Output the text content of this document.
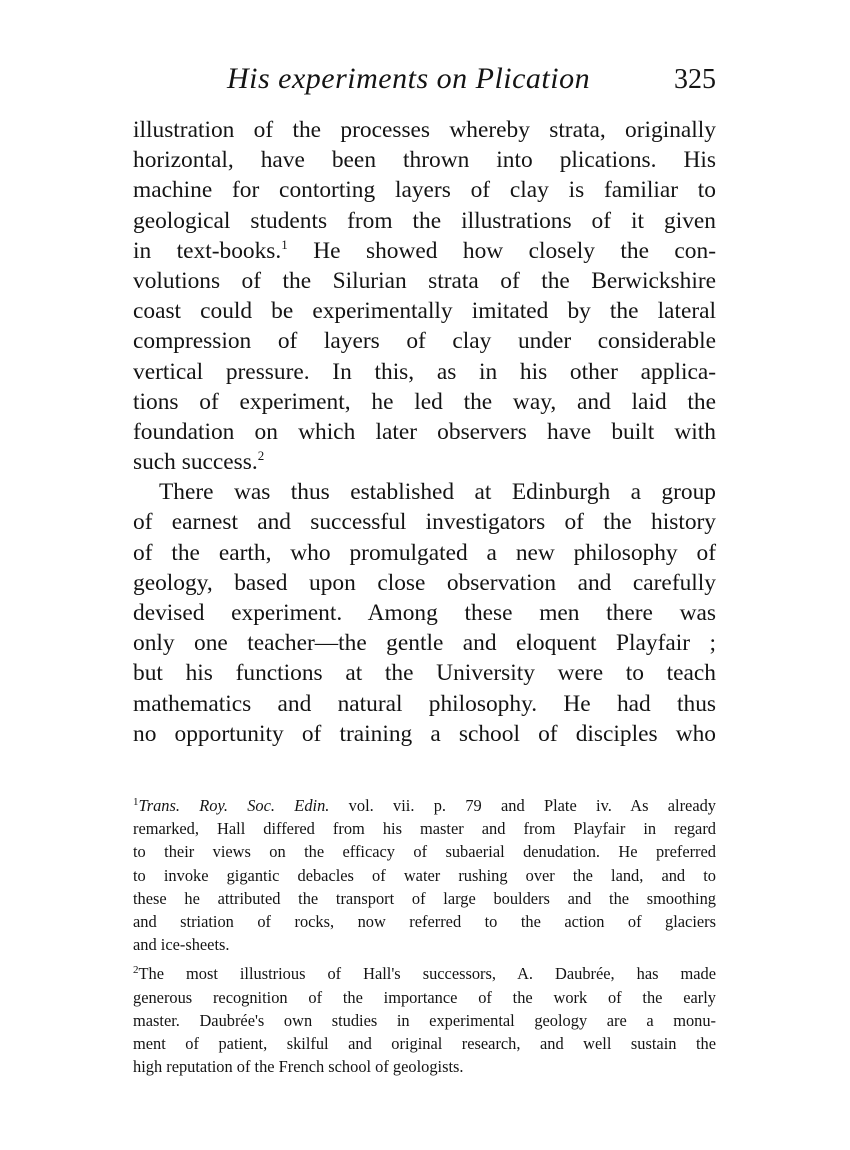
His experiments on Plication	325
illustration of the processes whereby strata, originally
horizontal, have been thrown into plications. His
machine for contorting layers of clay is familiar to
geological students from the illustrations of it given
in text-books.$^1$ He showed how closely the con-
volutions of the Silurian strata of the Berwickshire
coast could be experimentally imitated by the lateral
compression of layers of clay under considerable
vertical pressure. In this, as in his other applica-
tions of experiment, he led the way, and laid the
foundation on which later observers have built with
such success.$^2$
There was thus established at Edinburgh a group
of earnest and successful investigators of the history
of the earth, who promulgated a new philosophy of
geology, based upon close observation and carefully
devised experiment. Among these men there was
only one teacher—the gentle and eloquent Playfair ;
but his functions at the University were to teach
mathematics and natural philosophy. He had thus
no opportunity of training a school of disciples who
$^1$Trans. Roy. Soc. Edin. vol. vii. p. 79 and Plate iv. As already
remarked, Hall differed from his master and from Playfair in regard
to their views on the efficacy of subaerial denudation. He preferred
to invoke gigantic debacles of water rushing over the land, and to
these he attributed the transport of large boulders and the smoothing
and striation of rocks, now referred to the action of glaciers
and ice-sheets.
$^2$The most illustrious of Hall's successors, A. Daubrée, has made
generous recognition of the importance of the work of the early
master. Daubrée's own studies in experimental geology are a monu-
ment of patient, skilful and original research, and well sustain the
high reputation of the French school of geologists.
